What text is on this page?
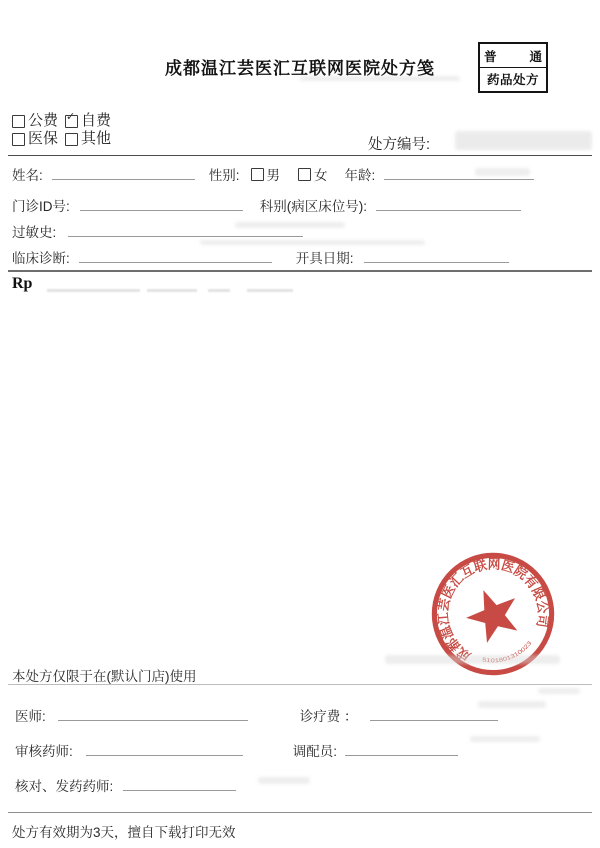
成都温江芸医汇互联网医院处方笺
普	通
药品处方
公费 ✓ 自费
医保 其他	处方编号:
姓名:	性别: 男	女 年龄:
门诊ID号:	科别(病区床位号):
过敏史:
临床诊断:	开具日期:
Rp
成都温江芸医汇互联网医院有限公司
5101801310023
本处方仅限于在(默认门店)使用
医师:	诊疗费 ：
审核药师:	调配员:
核对、发药药师:
处方有效期为3天，擅自下载打印无效
